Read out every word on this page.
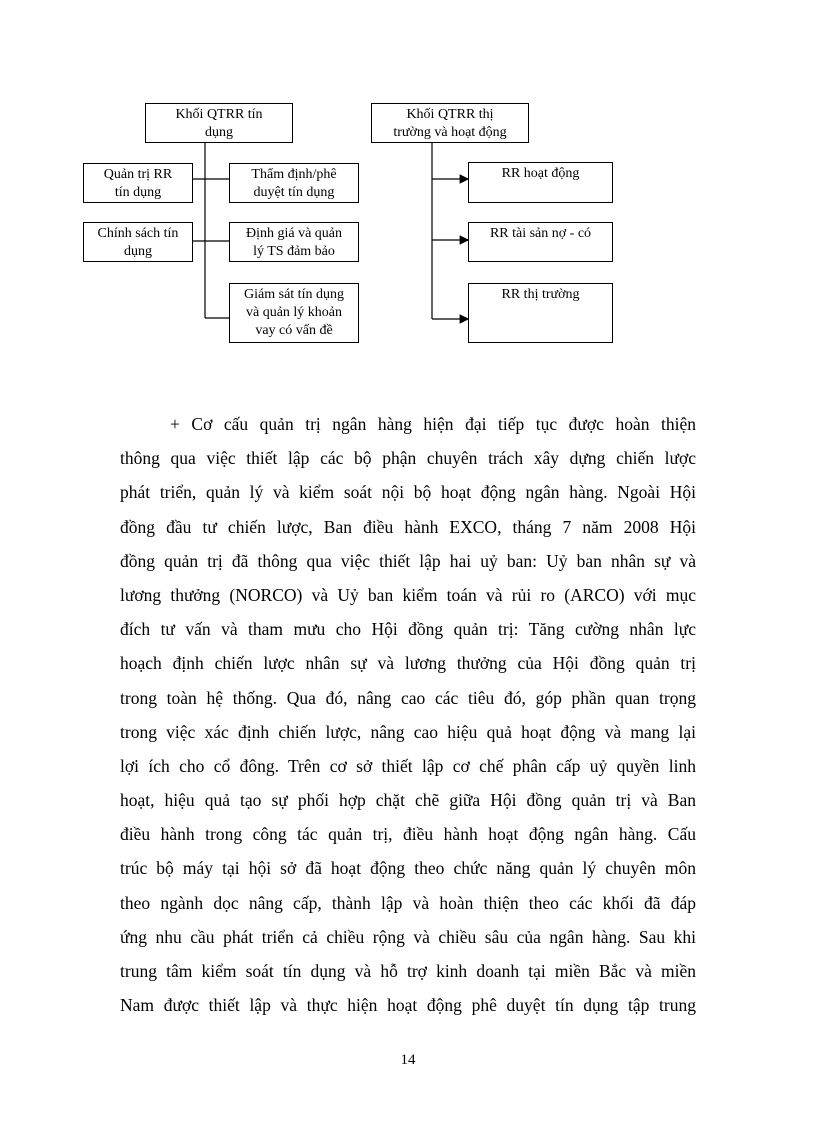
Khối QTRR tín
dụng
Quản trị RR
tín dụng
Chính sách tín
dụng
Thẩm định/phê
duyệt tín dụng
Định giá và quản
lý TS đảm bảo
Giám sát tín dụng
và quản lý khoản
vay có vấn đề
Khối QTRR thị
trường và hoạt động
RR hoạt động
RR tài sản nợ - có
RR thị trường
+ Cơ cấu quản trị ngân hàng hiện đại tiếp tục được hoàn thiện
thông qua việc thiết lập các bộ phận chuyên trách xây dựng chiến lược
phát triển, quản lý và kiểm soát nội bộ hoạt động ngân hàng. Ngoài Hội
đồng đầu tư chiến lược, Ban điều hành EXCO, tháng 7 năm 2008 Hội
đồng quản trị đã thông qua việc thiết lập hai uỷ ban: Uỷ ban nhân sự và
lương thưởng (NORCO) và Uỷ ban kiểm toán và rủi ro (ARCO) với mục
đích tư vấn và tham mưu cho Hội đồng quản trị: Tăng cường nhân lực
hoạch định chiến lược nhân sự và lương thưởng của Hội đồng quản trị
trong toàn hệ thống. Qua đó, nâng cao các tiêu đó, góp phần quan trọng
trong việc xác định chiến lược, nâng cao hiệu quả hoạt động và mang lại
lợi ích cho cổ đông. Trên cơ sở thiết lập cơ chế phân cấp uỷ quyền linh
hoạt, hiệu quả tạo sự phối hợp chặt chẽ giữa Hội đồng quản trị và Ban
điều hành trong công tác quản trị, điều hành hoạt động ngân hàng. Cấu
trúc bộ máy tại hội sở đã hoạt động theo chức năng quản lý chuyên môn
theo ngành dọc nâng cấp, thành lập và hoàn thiện theo các khối đã đáp
ứng nhu cầu phát triển cả chiều rộng và chiều sâu của ngân hàng. Sau khi
trung tâm kiểm soát tín dụng và hỗ trợ kinh doanh tại miền Bắc và miền
Nam được thiết lập và thực hiện hoạt động phê duyệt tín dụng tập trung
14
